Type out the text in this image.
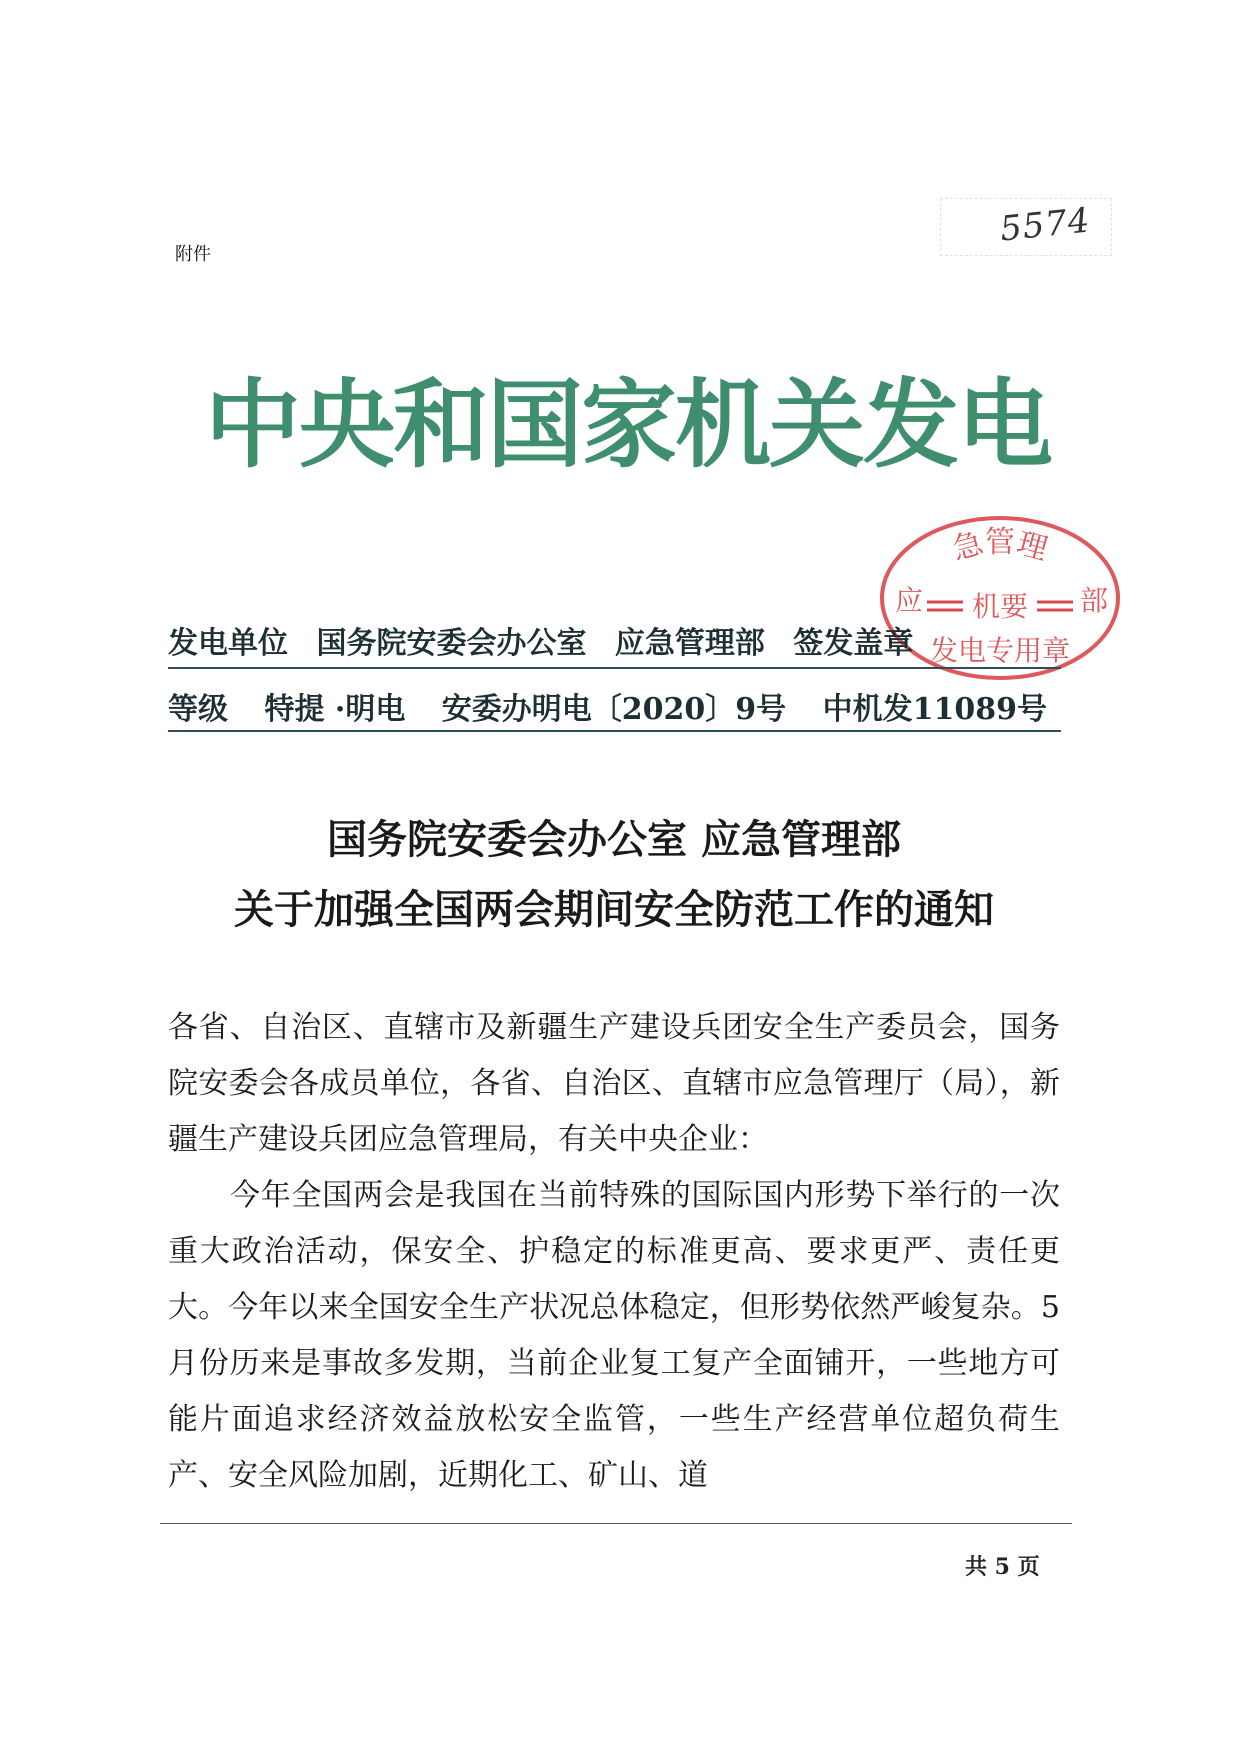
附件
5574
中央和国家机关发电
急管理
应	部
机要
发电专用章
发电单位 国务院安委会办公室 应急管理部 签发盖章
等级 特提 ·明电 安委办明电〔2020〕9号 中机发11089号
国务院安委会办公室 应急管理部
关于加强全国两会期间安全防范工作的通知

各省、自治区、直辖市及新疆生产建设兵团安全生产委员会，国务院安委会各成员单位，各省、自治区、直辖市应急管理厅（局），新疆生产建设兵团应急管理局，有关中央企业：

今年全国两会是我国在当前特殊的国际国内形势下举行的一次重大政治活动，保安全、护稳定的标准更高、要求更严、责任更大。今年以来全国安全生产状况总体稳定，但形势依然严峻复杂。5月份历来是事故多发期，当前企业复工复产全面铺开，一些地方可能片面追求经济效益放松安全监管，一些生产经营单位超负荷生产、安全风险加剧，近期化工、矿山、道

共 5 页
